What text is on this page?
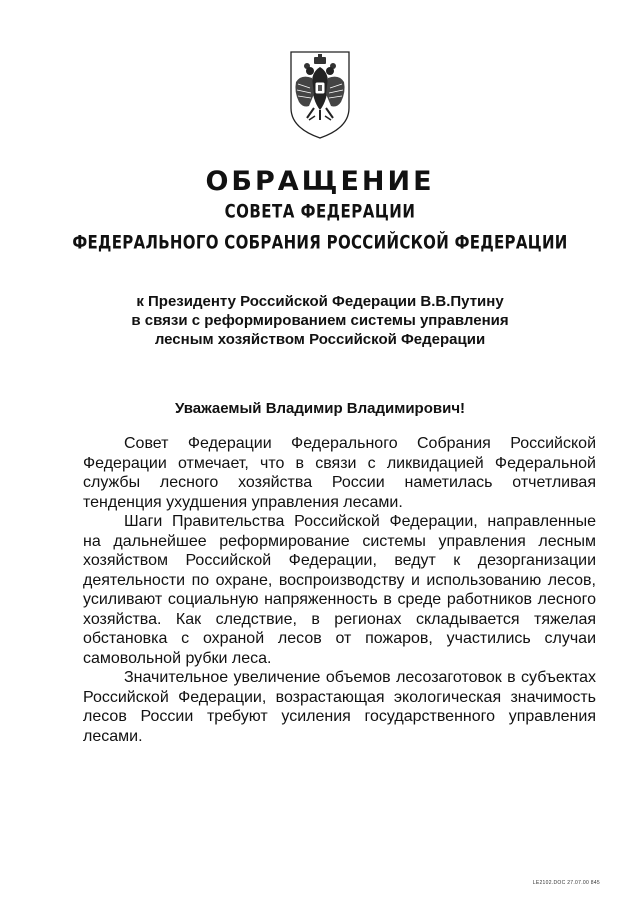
ОБРАЩЕНИЕ
СОВЕТА ФЕДЕРАЦИИ
ФЕДЕРАЛЬНОГО СОБРАНИЯ РОССИЙСКОЙ ФЕДЕРАЦИИ
к Президенту Российской Федерации В.В.Путину
в связи с реформированием системы управления
лесным хозяйством Российской Федерации
Уважаемый Владимир Владимирович!
Совет Федерации Федерального Собрания Российской
Федерации отмечает, что в связи с ликвидацией Федеральной
службы лесного хозяйства России наметилась отчетливая
тенденция ухудшения управления лесами.
Шаги Правительства Российской Федерации, направленные
на дальнейшее реформирование системы управления лесным
хозяйством Российской Федерации, ведут к дезорганизации
деятельности по охране, воспроизводству и использованию лесов,
усиливают социальную напряженность в среде работников лесного
хозяйства. Как следствие, в регионах складывается тяжелая
обстановка с охраной лесов от пожаров, участились случаи
самовольной рубки леса.
Значительное увеличение объемов лесозаготовок в субъектах
Российской Федерации, возрастающая экологическая значимость
лесов России требуют усиления государственного управления
лесами.
LE2102.DOC 27.07.00 845
